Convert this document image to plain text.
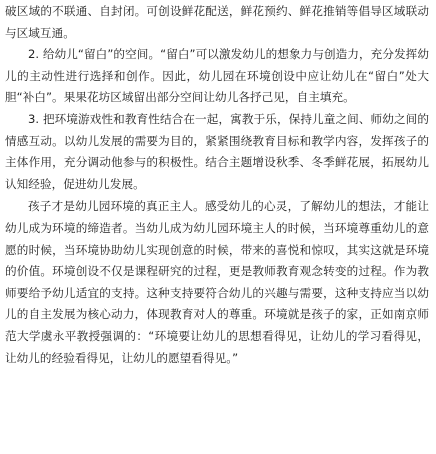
破区域的不联通、自封闭。可创设鲜花配送，鲜花预约、鲜花推销等倡导区域联动与区域互通。

2. 给幼儿“留白”的空间。“留白”可以激发幼儿的想象力与创造力，充分发挥幼儿的主动性进行选择和创作。因此，幼儿园在环境创设中应让幼儿在“留白”处大胆“补白”。果果花坊区域留出部分空间让幼儿各抒己见，自主填充。

3. 把环境游戏性和教育性结合在一起，寓教于乐，保持儿童之间、师幼之间的情感互动。以幼儿发展的需要为目的，紧紧围绕教育目标和教学内容，发挥孩子的主体作用，充分调动他参与的积极性。结合主题增设秋季、冬季鲜花展，拓展幼儿认知经验，促进幼儿发展。

孩子才是幼儿园环境的真正主人。感受幼儿的心灵，了解幼儿的想法，才能让幼儿成为环境的缔造者。当幼儿成为幼儿园环境主人的时候，当环境尊重幼儿的意愿的时候，当环境协助幼儿实现创意的时候，带来的喜悦和惊叹，其实这就是环境的价值。环境创设不仅是课程研究的过程，更是教师教育观念转变的过程。作为教师要给予幼儿适宜的支持。这种支持要符合幼儿的兴趣与需要，这种支持应当以幼儿的自主发展为核心动力，体现教育对人的尊重。环境就是孩子的家，正如南京师范大学虞永平教授强调的：“环境要让幼儿的思想看得见，让幼儿的学习看得见，让幼儿的经验看得见，让幼儿的愿望看得见。”
